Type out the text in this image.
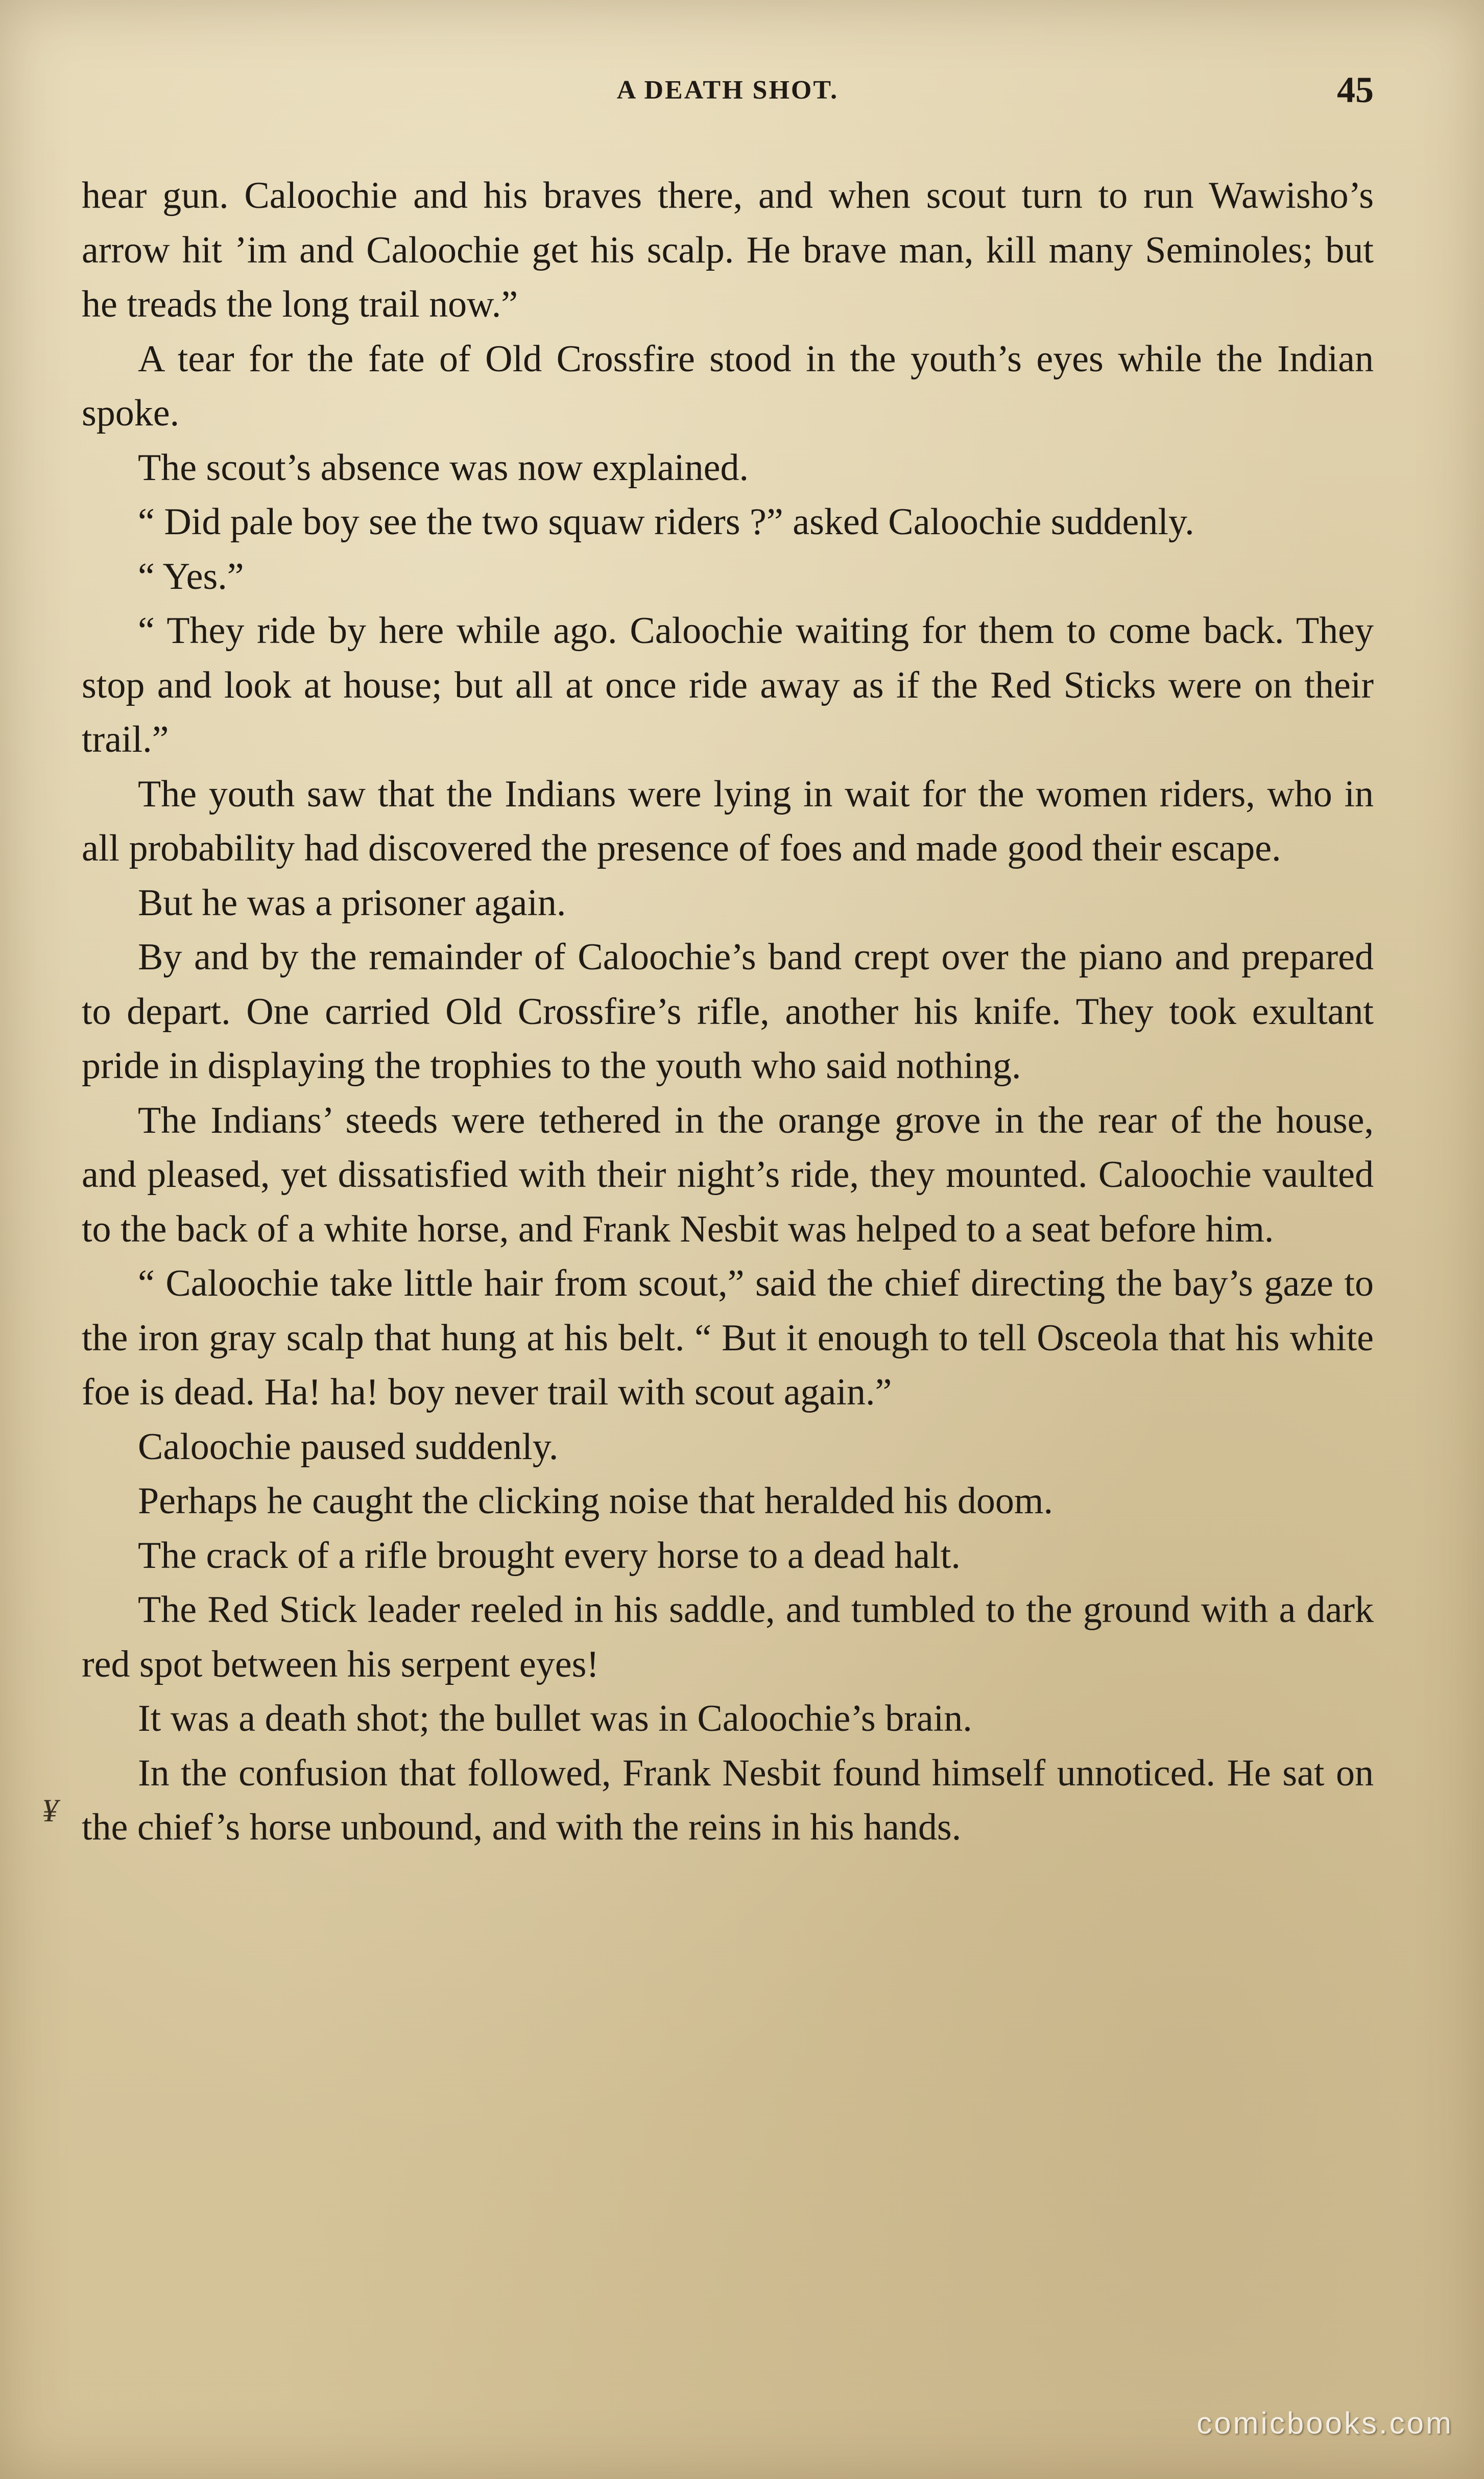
A DEATH SHOT.	45

hear gun. Caloochie and his braves there, and when scout turn to run Wawisho’s arrow hit ’im and Caloochie get his scalp. He brave man, kill many Seminoles; but he treads the long trail now.”

A tear for the fate of Old Crossfire stood in the youth’s eyes while the Indian spoke.

The scout’s absence was now explained.

“ Did pale boy see the two squaw riders ?” asked Caloochie suddenly.

“ Yes.”

“ They ride by here while ago. Caloochie waiting for them to come back. They stop and look at house; but all at once ride away as if the Red Sticks were on their trail.”

The youth saw that the Indians were lying in wait for the women riders, who in all probability had discovered the presence of foes and made good their escape.

But he was a prisoner again.

By and by the remainder of Caloochie’s band crept over the piano and prepared to depart. One carried Old Crossfire’s rifle, another his knife. They took exultant pride in displaying the trophies to the youth who said nothing.

The Indians’ steeds were tethered in the orange grove in the rear of the house, and pleased, yet dissatisfied with their night’s ride, they mounted. Caloochie vaulted to the back of a white horse, and Frank Nesbit was helped to a seat before him.

“ Caloochie take little hair from scout,” said the chief directing the bay’s gaze to the iron gray scalp that hung at his belt. “ But it enough to tell Osceola that his white foe is dead. Ha! ha! boy never trail with scout again.”

Caloochie paused suddenly.

Perhaps he caught the clicking noise that heralded his doom.

The crack of a rifle brought every horse to a dead halt.

The Red Stick leader reeled in his saddle, and tumbled to the ground with a dark red spot between his serpent eyes!

It was a death shot; the bullet was in Caloochie’s brain.

In the confusion that followed, Frank Nesbit found himself unnoticed. He sat on the chief’s horse unbound, and with the reins in his hands.

¥
comicbooks.com
